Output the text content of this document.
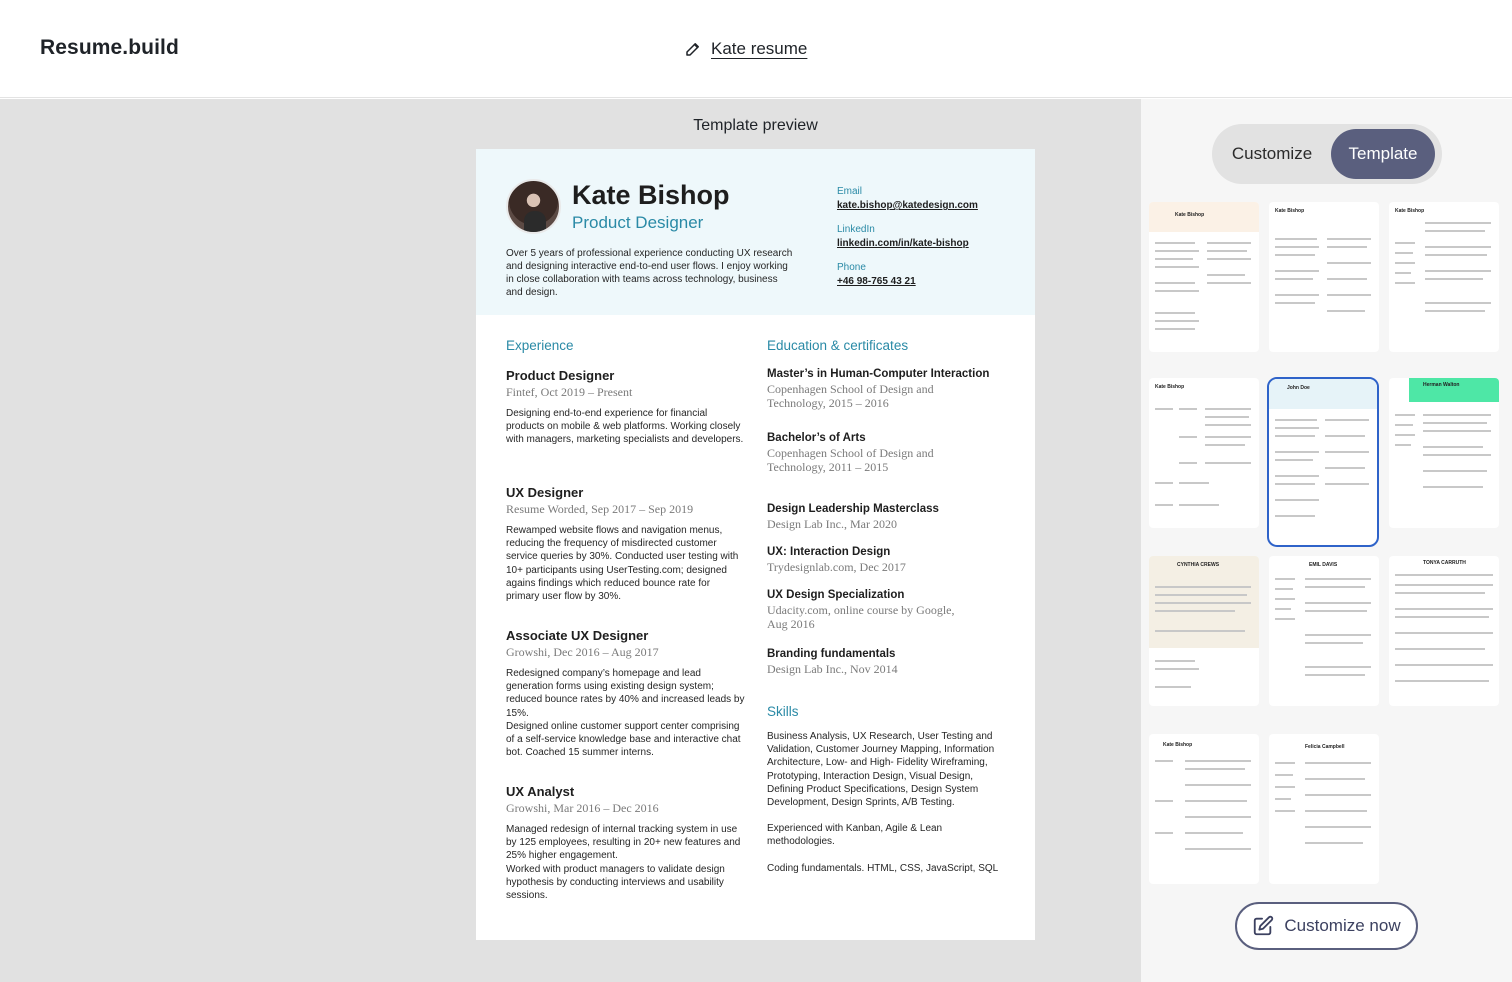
Resume.build	Kate resume
Template preview
Kate Bishop
Product Designer
Over 5 years of professional experience conducting UX research and designing interactive end-to-end user flows. I enjoy working in close collaboration with teams across technology, business and design.
Email
kate.bishop@katedesign.com
LinkedIn
linkedin.com/in/kate-bishop
Phone
+46 98-765 43 21
Experience
Product Designer
Fintef, Oct 2019 – Present
Designing end-to-end experience for financial products on mobile & web platforms. Working closely with managers, marketing specialists and developers.
UX Designer
Resume Worded, Sep 2017 – Sep 2019
Rewamped website flows and navigation menus, reducing the frequency of misdirected customer service queries by 30%. Conducted user testing with 10+ participants using UserTesting.com; designed agains findings which reduced bounce rate for primary user flow by 30%.
Associate UX Designer
Growshi, Dec 2016 – Aug 2017
Redesigned company’s homepage and lead generation forms using existing design system; reduced bounce rates by 40% and increased leads by 15%.
Designed online customer support center comprising of a self-service knowledge base and interactive chat bot. Coached 15 summer interns.
UX Analyst
Growshi, Mar 2016 – Dec 2016
Managed redesign of internal tracking system in use by 125 employees, resulting in 20+ new features and 25% higher engagement.
Worked with product managers to validate design hypothesis by conducting interviews and usability sessions.
Education & certificates
Master’s in Human-Computer Interaction
Copenhagen School of Design and Technology, 2015 – 2016
Bachelor’s of Arts
Copenhagen School of Design and Technology, 2011 – 2015
Design Leadership Masterclass
Design Lab Inc., Mar 2020
UX: Interaction Design
Trydesignlab.com, Dec 2017
UX Design Specialization
Udacity.com, online course by Google, Aug 2016
Branding fundamentals
Design Lab Inc., Nov 2014
Skills

Business Analysis, UX Research, User Testing and Validation, Customer Journey Mapping, Information Architecture, Low- and High- Fidelity Wireframing, Prototyping, Interaction Design, Visual Design, Defining Product Specifications, Design System Development, Design Sprints, A/B Testing.

Experienced with Kanban, Agile & Lean methodologies.

Coding fundamentals. HTML, CSS, JavaScript, SQL

Customize	Template
Kate Bishop
Kate Bishop	Kate Bishop
Kate Bishop	John Doe	Herman Walton
CYNTHIA CREWS	EMIL DAVIS	TONYA CARRUTH
Kate Bishop	Felicia Campbell
Customize now
